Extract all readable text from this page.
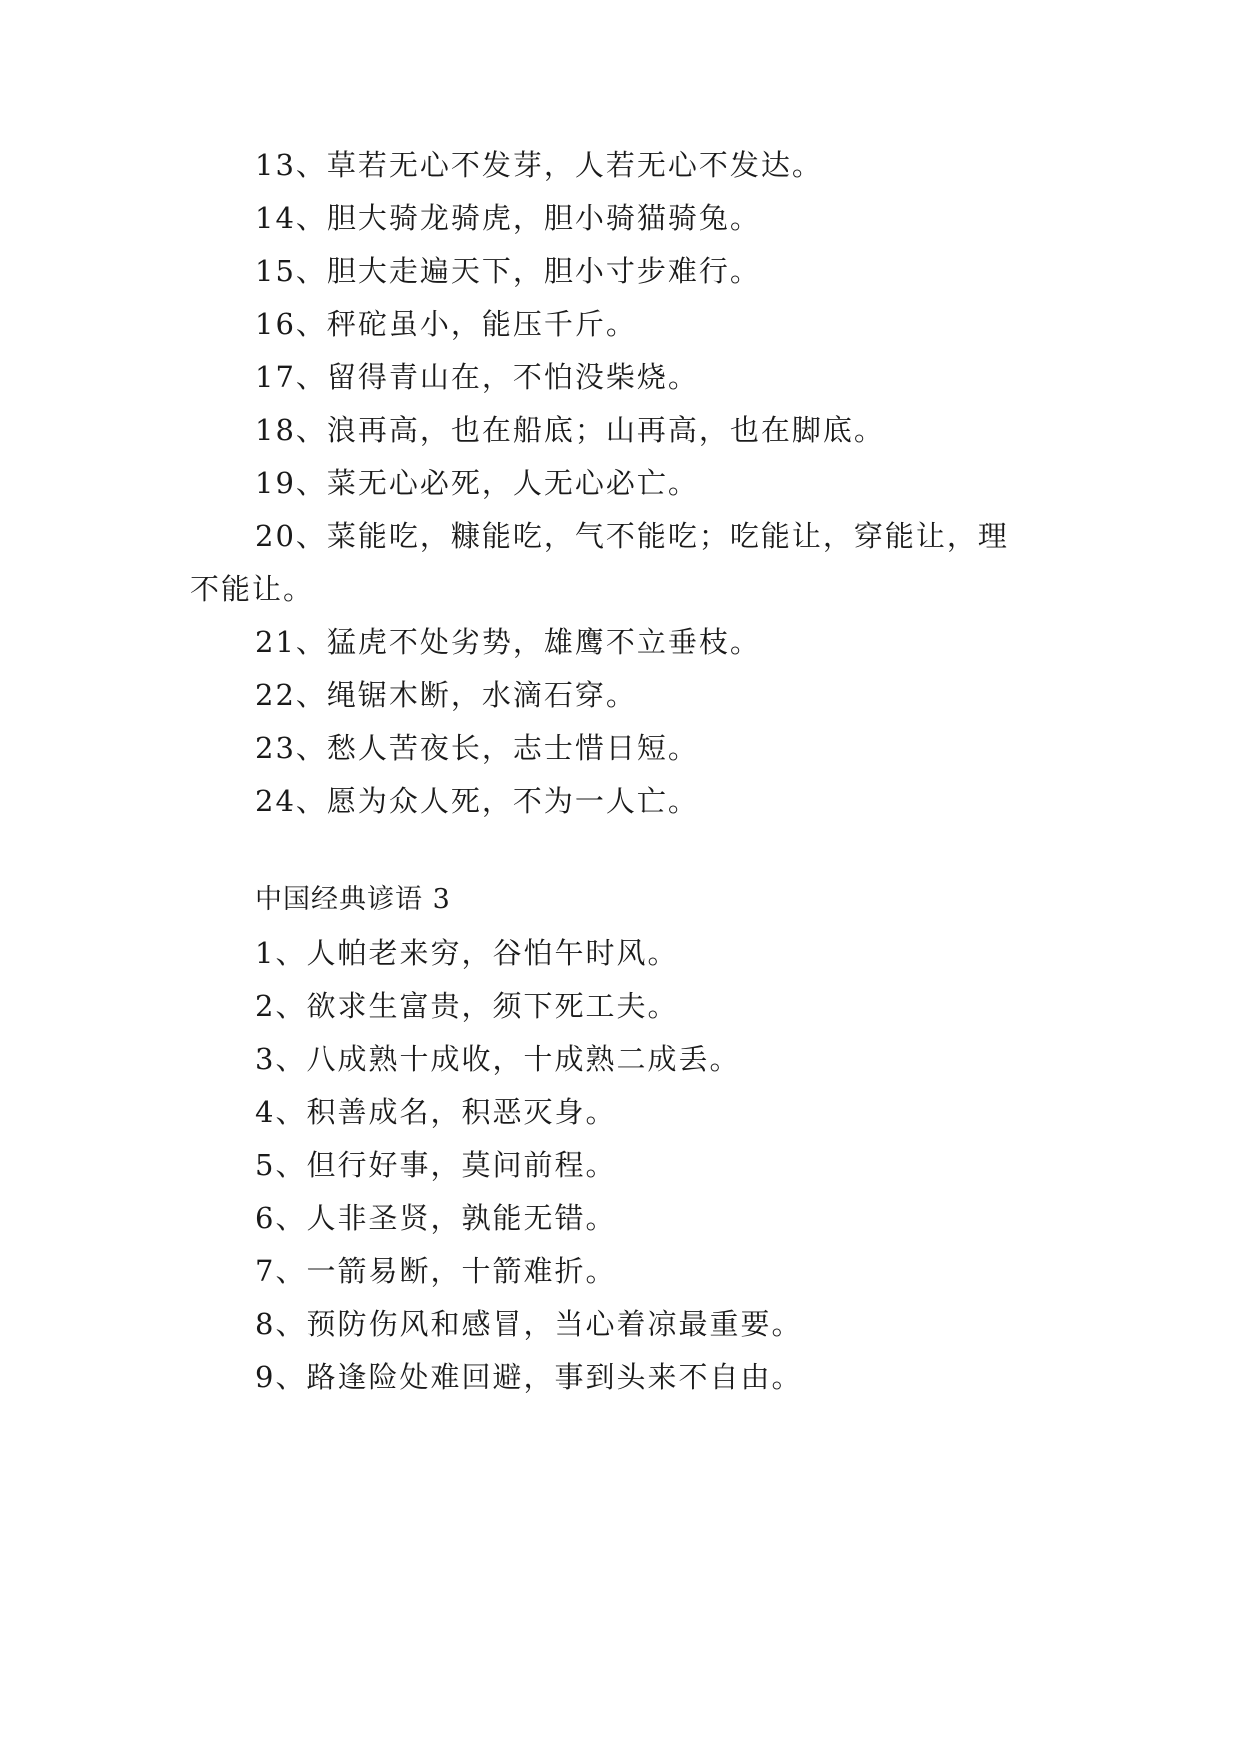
13、草若无心不发芽，人若无心不发达。
14、胆大骑龙骑虎，胆小骑猫骑兔。
15、胆大走遍天下，胆小寸步难行。
16、秤砣虽小，能压千斤。
17、留得青山在，不怕没柴烧。
18、浪再高，也在船底；山再高，也在脚底。
19、菜无心必死，人无心必亡。
20、菜能吃，糠能吃，气不能吃；吃能让，穿能让，理
不能让。
21、猛虎不处劣势，雄鹰不立垂枝。
22、绳锯木断，水滴石穿。
23、愁人苦夜长，志士惜日短。
24、愿为众人死，不为一人亡。
中国经典谚语 3
1、人帕老来穷，谷怕午时风。
2、欲求生富贵，须下死工夫。
3、八成熟十成收，十成熟二成丢。
4、积善成名，积恶灭身。
5、但行好事，莫问前程。
6、人非圣贤，孰能无错。
7、一箭易断，十箭难折。
8、预防伤风和感冒，当心着凉最重要。
9、路逢险处难回避，事到头来不自由。
